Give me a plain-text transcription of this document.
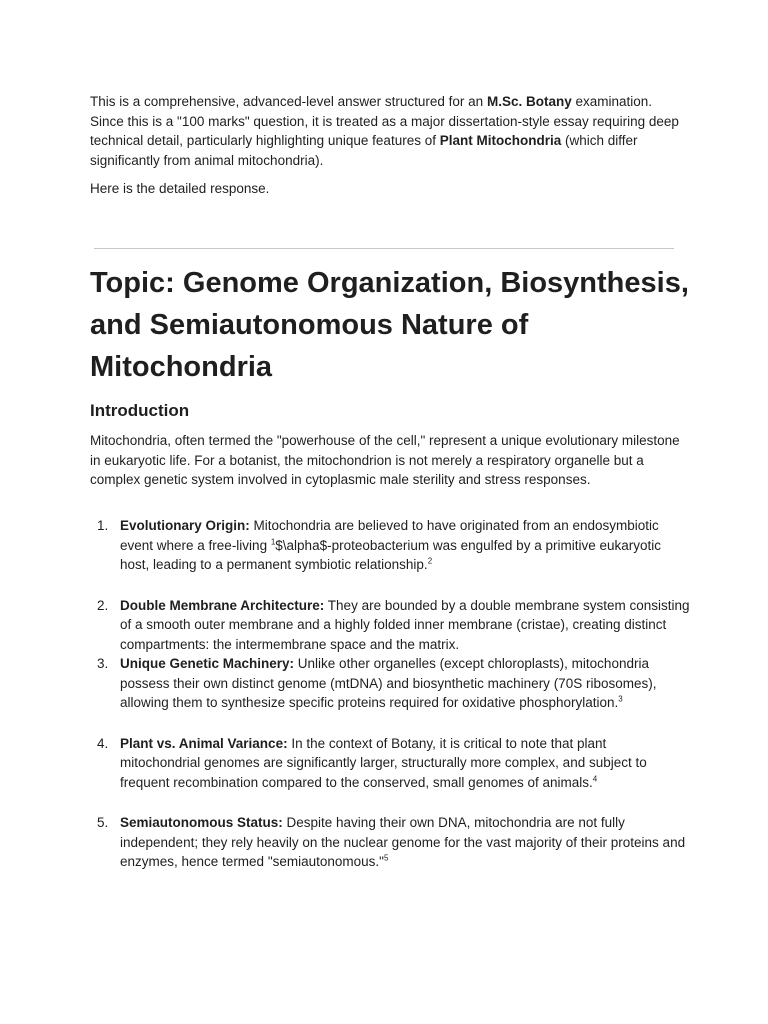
This is a comprehensive, advanced-level answer structured for an M.Sc. Botany examination. Since this is a "100 marks" question, it is treated as a major dissertation-style essay requiring deep technical detail, particularly highlighting unique features of Plant Mitochondria (which differ significantly from animal mitochondria).

Here is the detailed response.

Topic: Genome Organization, Biosynthesis, and Semiautonomous Nature of Mitochondria
Introduction

Mitochondria, often termed the "powerhouse of the cell," represent a unique evolutionary milestone in eukaryotic life. For a botanist, the mitochondrion is not merely a respiratory organelle but a complex genetic system involved in cytoplasmic male sterility and stress responses.

1. Evolutionary Origin: Mitochondria are believed to have originated from an endosymbiotic event where a free-living $^1$\$\alpha$-proteobacterium was engulfed by a primitive eukaryotic host, leading to a permanent symbiotic relationship.$^2$
2. Double Membrane Architecture: They are bounded by a double membrane system consisting of a smooth outer membrane and a highly folded inner membrane (cristae), creating distinct compartments: the intermembrane space and the matrix.
3. Unique Genetic Machinery: Unlike other organelles (except chloroplasts), mitochondria possess their own distinct genome (mtDNA) and biosynthetic machinery (70S ribosomes), allowing them to synthesize specific proteins required for oxidative phosphorylation.$^3$
4. Plant vs. Animal Variance: In the context of Botany, it is critical to note that plant mitochondrial genomes are significantly larger, structurally more complex, and subject to frequent recombination compared to the conserved, small genomes of animals.$^4$
5. Semiautonomous Status: Despite having their own DNA, mitochondria are not fully independent; they rely heavily on the nuclear genome for the vast majority of their proteins and enzymes, hence termed "semiautonomous."$^5$
